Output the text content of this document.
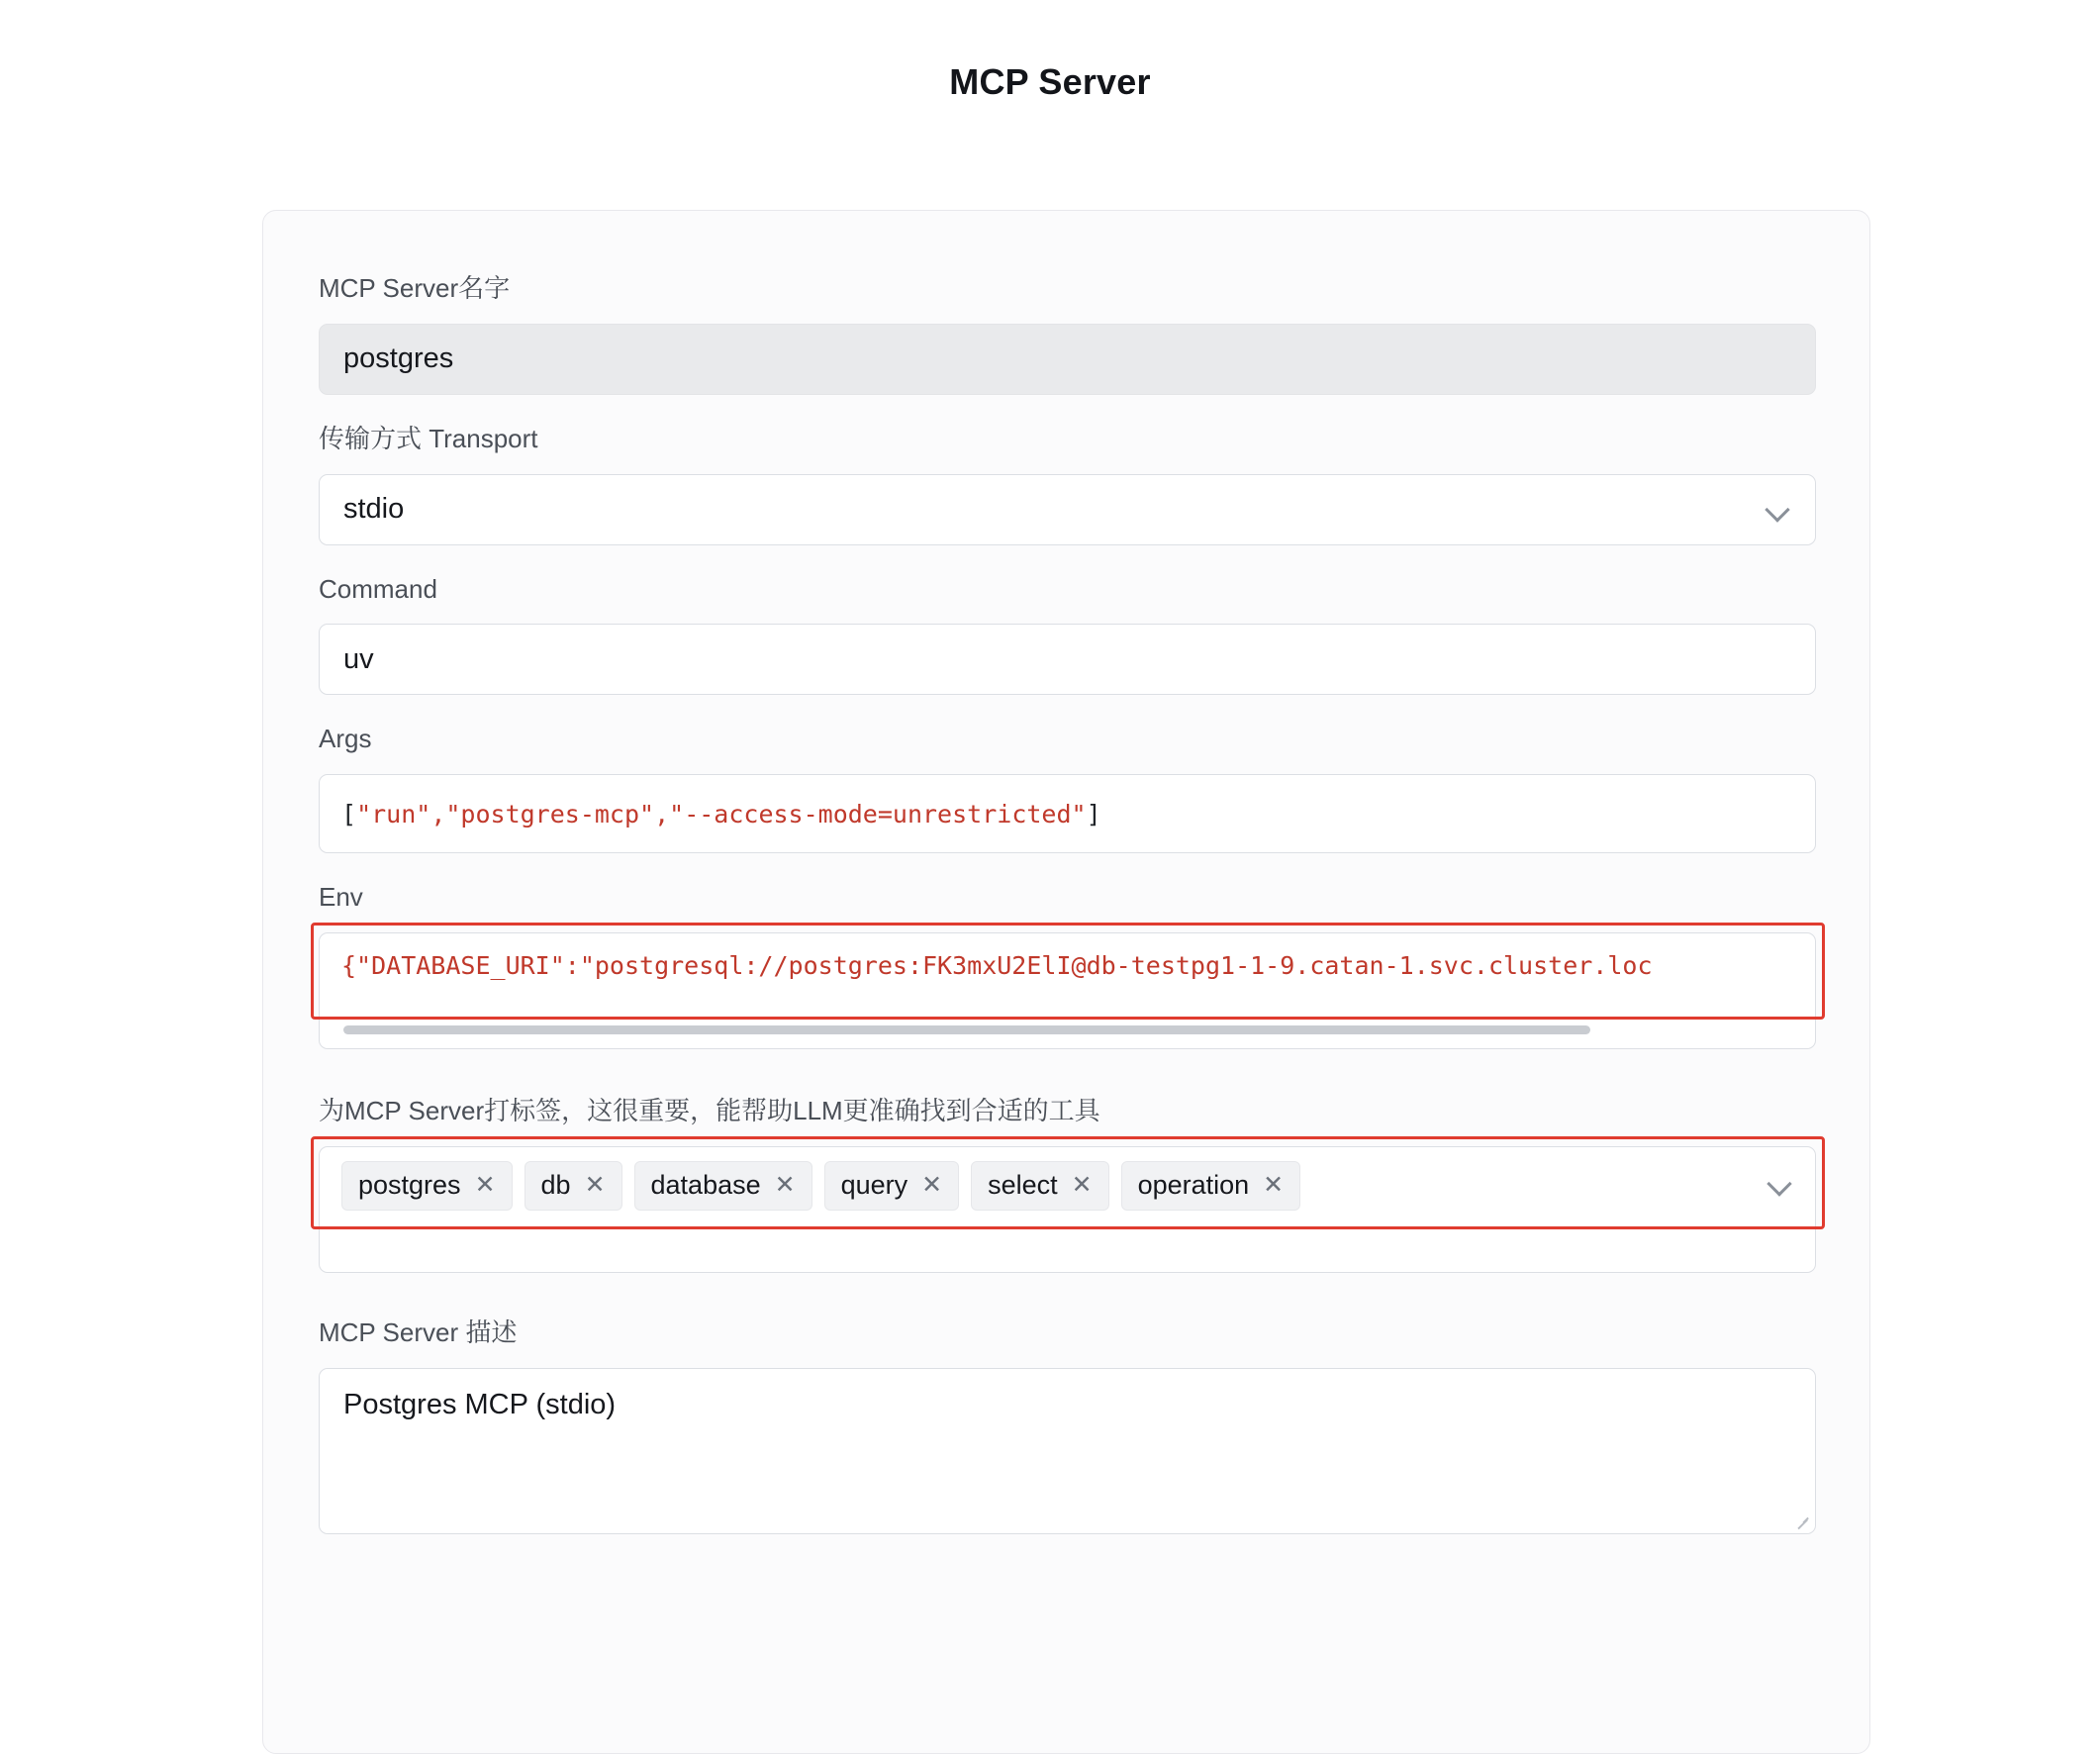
MCP Server
MCP Server名字
postgres
传输方式 Transport
stdio
Command
uv
Args
[ "run","postgres-mcp","--access-mode=unrestricted" ]
Env
{"DATABASE_URI":"postgresql://postgres:FK3mxU2ElI@db-testpg1-1-9.catan-1.svc.cluster.loc
为MCP Server打标签，这很重要，能帮助LLM更准确找到合适的工具
postgres ✕ db ✕ database ✕ query ✕ select ✕ operation ✕
MCP Server 描述
Postgres MCP (stdio)
